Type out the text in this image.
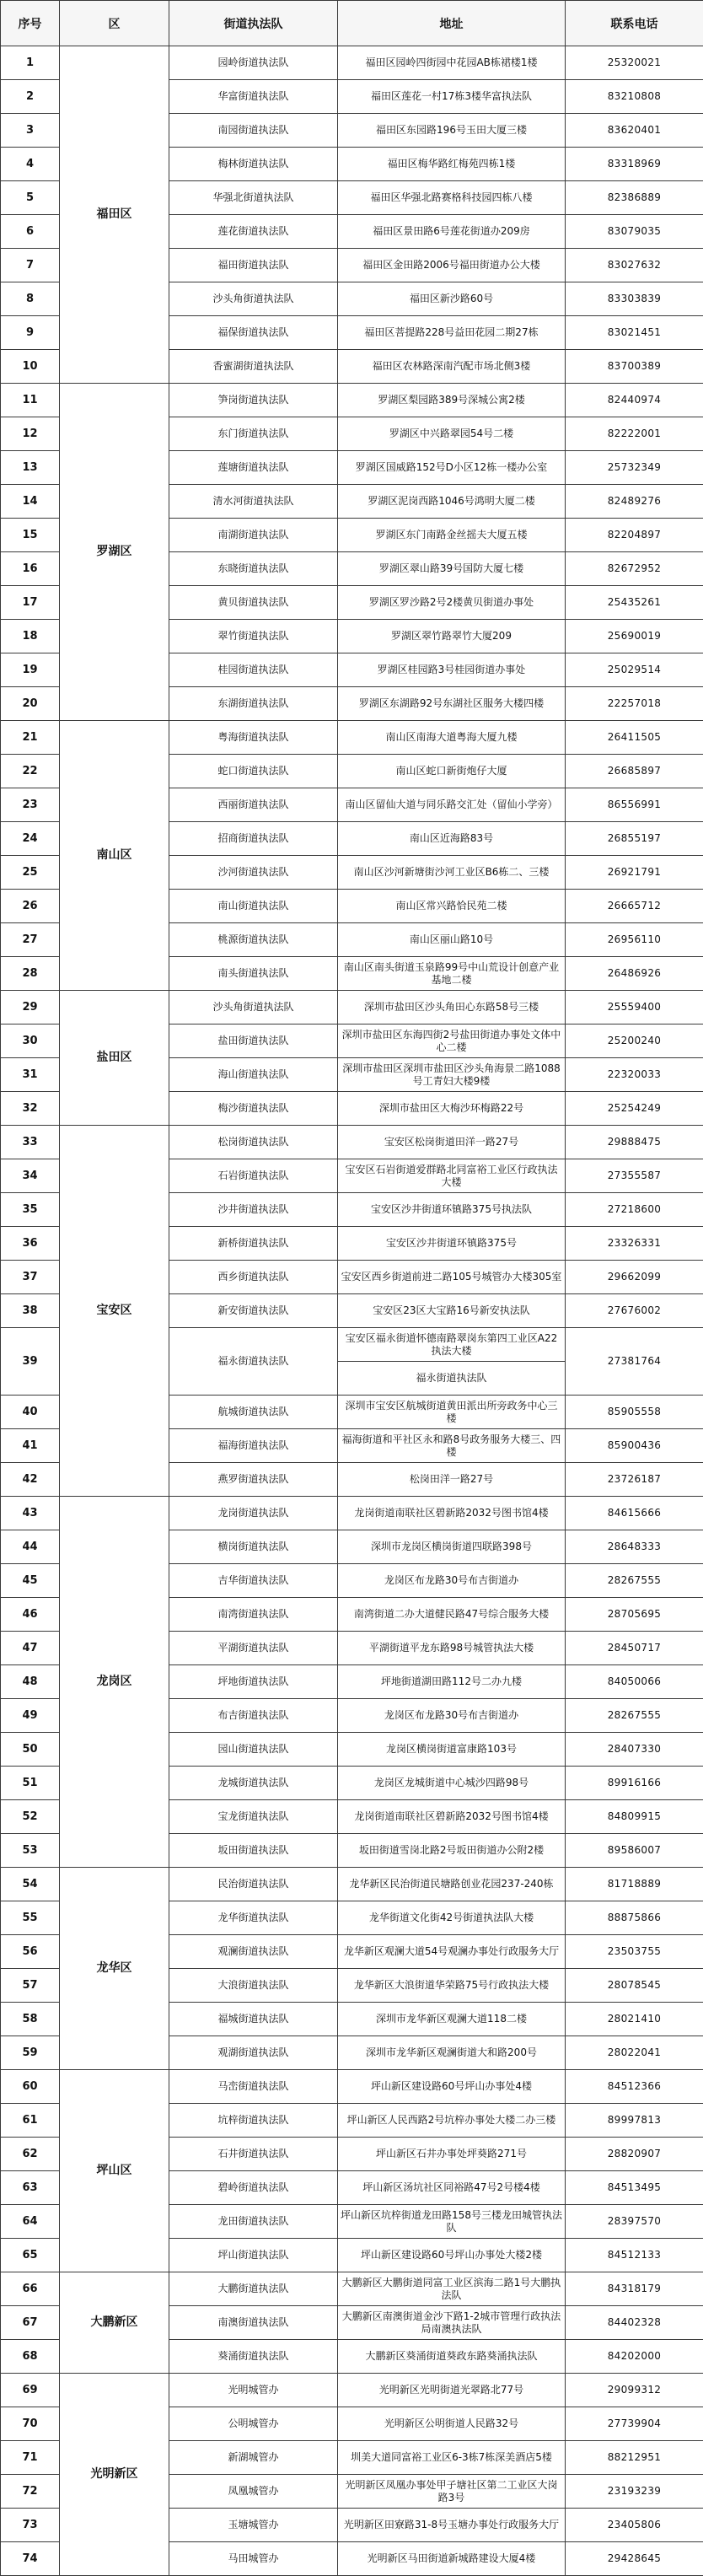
序号	区	街道执法队	地址	联系电话
1	福田区	园岭街道执法队	福田区园岭四街园中花园AB栋裙楼1楼	25320021
2		华富街道执法队	福田区莲花一村17栋3楼华富执法队	83210808
3		南园街道执法队	福田区东园路196号玉田大厦三楼	83620401
4		梅林街道执法队	福田区梅华路红梅苑四栋1楼	83318969
5		华强北街道执法队	福田区华强北路赛格科技园四栋八楼	82386889
6		莲花街道执法队	福田区景田路6号莲花街道办209房	83079035
7		福田街道执法队	福田区金田路2006号福田街道办公大楼	83027632
8		沙头角街道执法队	福田区新沙路60号	83303839
9		福保街道执法队	福田区菩提路228号益田花园二期27栋	83021451
10		香蜜湖街道执法队	福田区农林路深南汽配市场北侧3楼	83700389
11	罗湖区	笋岗街道执法队	罗湖区梨园路389号深城公寓2楼	82440974
12		东门街道执法队	罗湖区中兴路翠园54号二楼	82222001
13		莲塘街道执法队	罗湖区国威路152号D小区12栋一楼办公室	25732349
14		清水河街道执法队	罗湖区泥岗西路1046号鸿明大厦二楼	82489276
15		南湖街道执法队	罗湖区东门南路金丝摇夫大厦五楼	82204897
16		东晓街道执法队	罗湖区翠山路39号国防大厦七楼	82672952
17		黄贝街道执法队	罗湖区罗沙路2号2楼黄贝街道办事处	25435261
18		翠竹街道执法队	罗湖区翠竹路翠竹大厦209	25690019
19		桂园街道执法队	罗湖区桂园路3号桂园街道办事处	25029514
20		东湖街道执法队	罗湖区东湖路92号东湖社区服务大楼四楼	22257018
21	南山区	粤海街道执法队	南山区南海大道粤海大厦九楼	26411505
22		蛇口街道执法队	南山区蛇口新街炮仔大厦	26685897
23		西丽街道执法队	南山区留仙大道与同乐路交汇处（留仙小学旁）	86556991
24		招商街道执法队	南山区近海路83号	26855197
25		沙河街道执法队	南山区沙河新塘街沙河工业区B6栋二、三楼	26921791
26		南山街道执法队	南山区常兴路恰民苑二楼	26665712
27		桃源街道执法队	南山区丽山路10号	26956110
28		南头街道执法队	南山区南头街道玉泉路99号中山荒设计创意产业基地二楼	26486926
29	盐田区	沙头角街道执法队	深圳市盐田区沙头角田心东路58号三楼	25559400
30		盐田街道执法队	深圳市盐田区东海四街2号盐田街道办事处文体中心二楼	25200240
31		海山街道执法队	深圳市盐田区深圳市盐田区沙头角海景二路1088号工青妇大楼9楼	22320033
32		梅沙街道执法队	深圳市盐田区大梅沙环梅路22号	25254249
33	宝安区	松岗街道执法队	宝安区松岗街道田洋一路27号	29888475
34		石岩街道执法队	宝安区石岩街道爱群路北同富裕工业区行政执法大楼	27355587
35		沙井街道执法队	宝安区沙井街道环镇路375号执法队	27218600
36		新桥街道执法队	宝安区沙井街道环镇路375号	23326331
37		西乡街道执法队	宝安区西乡街道前进二路105号城管办大楼305室	29662099
38		新安街道执法队	宝安区23区大宝路16号新安执法队	27676002
39		福永街道执法队	宝安区福永街道怀德南路翠岗东第四工业区A22执法大楼	27381764
			福永街道执法队	
40		航城街道执法队	深圳市宝安区航城街道黄田派出所旁政务中心三楼	85905558
41		福海街道执法队	福海街道和平社区永和路8号政务服务大楼三、四楼	85900436
42		燕罗街道执法队	松岗田洋一路27号	23726187
43	龙岗区	龙岗街道执法队	龙岗街道南联社区碧新路2032号图书馆4楼	84615666
44		横岗街道执法队	深圳市龙岗区横岗街道四联路398号	28648333
45		吉华街道执法队	龙岗区布龙路30号布吉街道办	28267555
46		南湾街道执法队	南湾街道二办大道健民路47号综合服务大楼	28705695
47		平湖街道执法队	平湖街道平龙东路98号城管执法大楼	28450717
48		坪地街道执法队	坪地街道湖田路112号二办九楼	84050066
49		布吉街道执法队	龙岗区布龙路30号布吉街道办	28267555
50		园山街道执法队	龙岗区横岗街道富康路103号	28407330
51		龙城街道执法队	龙岗区龙城街道中心城沙四路98号	89916166
52		宝龙街道执法队	龙岗街道南联社区碧新路2032号图书馆4楼	84809915
53		坂田街道执法队	坂田街道雪岗北路2号坂田街道办公附2楼	89586007
54	龙华区	民治街道执法队	龙华新区民治街道民塘路创业花园237-240栋	81718889
55		龙华街道执法队	龙华街道文化街42号街道执法队大楼	88875866
56		观澜街道执法队	龙华新区观澜大道54号观澜办事处行政服务大厅	23503755
57		大浪街道执法队	龙华新区大浪街道华荣路75号行政执法大楼	28078545
58		福城街道执法队	深圳市龙华新区观澜大道118二楼	28021410
59		观湖街道执法队	深圳市龙华新区观澜街道大和路200号	28022041
60	坪山区	马峦街道执法队	坪山新区建设路60号坪山办事处4楼	84512366
61		坑梓街道执法队	坪山新区人民西路2号坑梓办事处大楼二办三楼	89997813
62		石井街道执法队	坪山新区石井办事处坪葵路271号	28820907
63		碧岭街道执法队	坪山新区汤坑社区同裕路47号2号楼4楼	84513495
64		龙田街道执法队	坪山新区坑梓街道龙田路158号三楼龙田城管执法队	28397570
65		坪山街道执法队	坪山新区建设路60号坪山办事处大楼2楼	84512133
66	大鹏新区	大鹏街道执法队	大鹏新区大鹏街道同富工业区滨海二路1号大鹏执法队	84318179
67		南澳街道执法队	大鹏新区南澳街道金沙下路1-2城市管理行政执法局南澳执法队	84402328
68		葵涌街道执法队	大鹏新区葵涌街道葵政东路葵涌执法队	84202000
69	光明新区	光明城管办	光明新区光明街道光翠路北77号	29099312
70		公明城管办	光明新区公明街道人民路32号	27739904
71		新湖城管办	圳美大道同富裕工业区6-3栋7栋深美酒店5楼	88212951
72		凤凰城管办	光明新区凤凰办事处甲子塘社区第二工业区大岗路3号	23193239
73		玉塘城管办	光明新区田寮路31-8号玉塘办事处行政服务大厅	23405806
74		马田城管办	光明新区马田街道新城路建设大厦4楼	29428645
